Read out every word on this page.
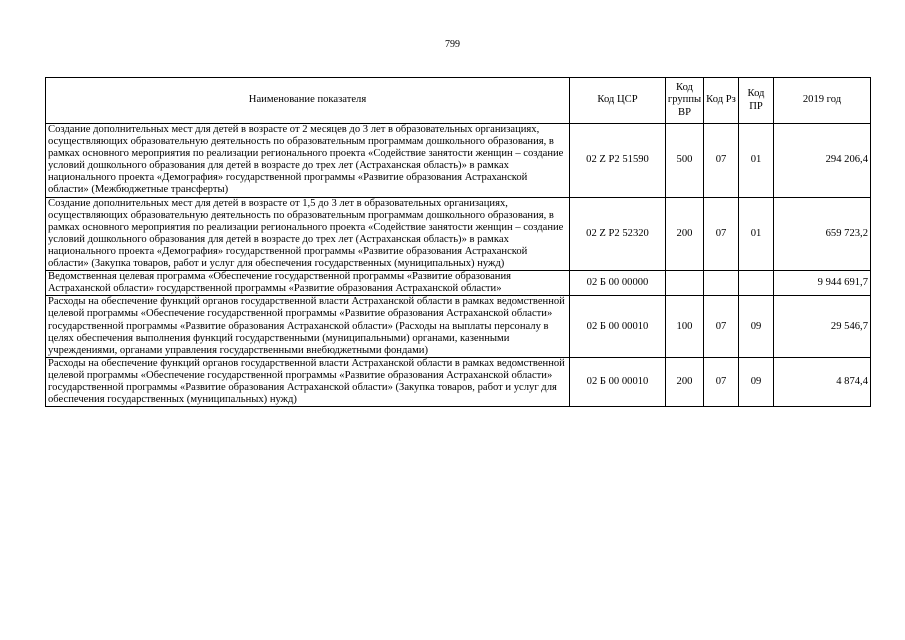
799
Наименование показателя	Код ЦСР	Код группы ВР	Код Рз	Код ПР	2019 год
Создание дополнительных мест для детей в возрасте от 2 месяцев до 3 лет в образовательных организациях, осуществляющих образовательную деятельность по образовательным программам дошкольного образования, в рамках основного мероприятия по реализации регионального проекта «Содействие занятости женщин – создание условий дошкольного образования для детей в возрасте до трех лет (Астраханская область)» в рамках национального проекта «Демография» государственной программы «Развитие образования Астраханской области» (Межбюджетные трансферты)	02 Z P2 51590	500	07	01	294 206,4
Создание дополнительных мест для детей в возрасте от 1,5 до 3 лет в образовательных организациях, осуществляющих образовательную деятельность по образовательным программам дошкольного образования, в рамках основного мероприятия по реализации регионального проекта «Содействие занятости женщин – создание условий дошкольного образования для детей в возрасте до трех лет (Астраханская область)» в рамках национального проекта «Демография» государственной программы «Развитие образования Астраханской области» (Закупка товаров, работ и услуг для обеспечения государственных (муниципальных) нужд)	02 Z P2 52320	200	07	01	659 723,2
Ведомственная целевая программа «Обеспечение государственной программы «Развитие образования Астраханской области» государственной программы «Развитие образования Астраханской области»	02 Б 00 00000				9 944 691,7
Расходы на обеспечение функций органов государственной власти Астраханской области в рамках ведомственной целевой программы «Обеспечение государственной программы «Развитие образования Астраханской области» государственной программы «Развитие образования Астраханской области» (Расходы на выплаты персоналу в целях обеспечения выполнения функций государственными (муниципальными) органами, казенными учреждениями, органами управления государственными внебюджетными фондами)	02 Б 00 00010	100	07	09	29 546,7
Расходы на обеспечение функций органов государственной власти Астраханской области в рамках ведомственной целевой программы «Обеспечение государственной программы «Развитие образования Астраханской области» государственной программы «Развитие образования Астраханской области» (Закупка товаров, работ и услуг для обеспечения государственных (муниципальных) нужд)	02 Б 00 00010	200	07	09	4 874,4
